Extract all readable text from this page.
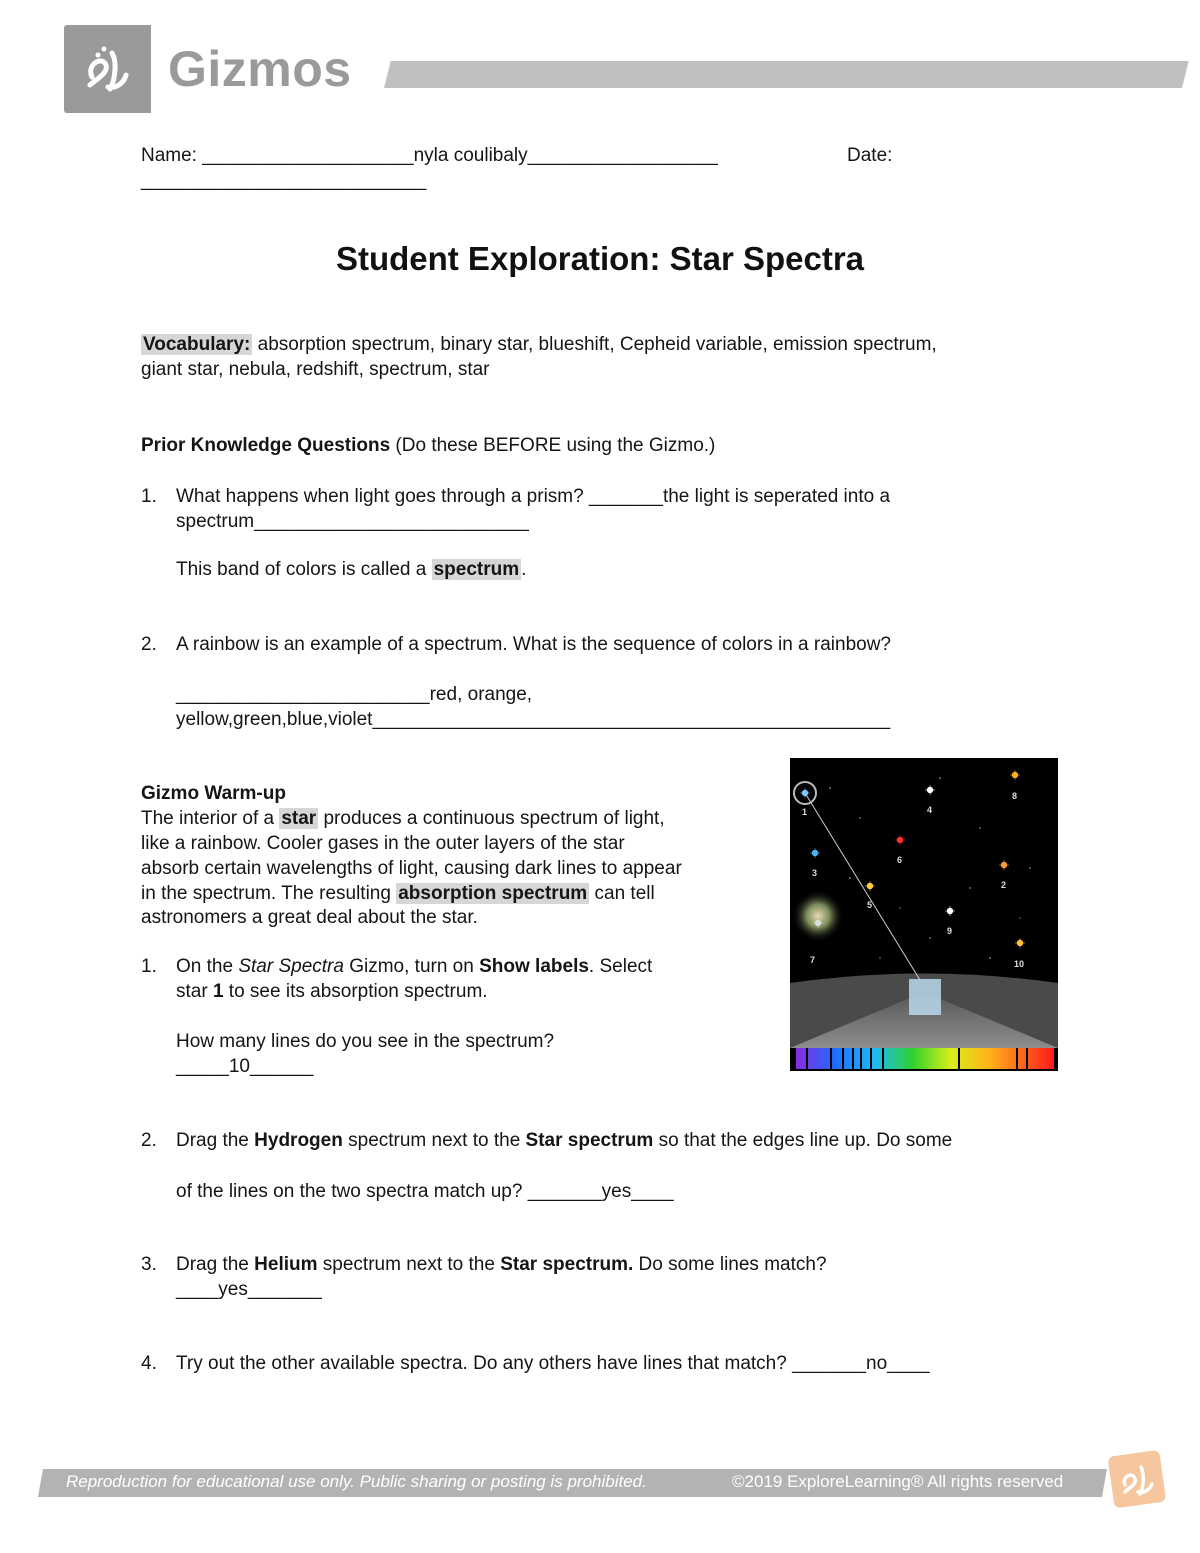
Gizmos
Name: ____________________nyla coulibaly__________________	Date:
___________________________
Student Exploration: Star Spectra
Vocabulary: absorption spectrum, binary star, blueshift, Cepheid variable, emission spectrum,
giant star, nebula, redshift, spectrum, star
Prior Knowledge Questions (Do these BEFORE using the Gizmo.)
1. What happens when light goes through a prism? _______the light is seperated into a
spectrum__________________________
This band of colors is called a spectrum .
2. A rainbow is an example of a spectrum. What is the sequence of colors in a rainbow?
________________________red, orange,
yellow,green,blue,violet_________________________________________________
Gizmo Warm-up
The interior of a star produces a continuous spectrum of light,
like a rainbow. Cooler gases in the outer layers of the star
absorb certain wavelengths of light, causing dark lines to appear
in the spectrum. The resulting absorption spectrum can tell
astronomers a great deal about the star.
1. On the Star Spectra Gizmo, turn on Show labels. Select
star 1 to see its absorption spectrum.
How many lines do you see in the spectrum?
_____10______
2. Drag the Hydrogen spectrum next to the Star spectrum so that the edges line up. Do some
of the lines on the two spectra match up? _______yes____
3. Drag the Helium spectrum next to the Star spectrum. Do some lines match?
____yes_______
4. Try out the other available spectra. Do any others have lines that match? _______no____
1
2
3
4
5
6
7
8
9
10
Reproduction for educational use only. Public sharing or posting is prohibited.	©2019 ExploreLearning® All rights reserved
